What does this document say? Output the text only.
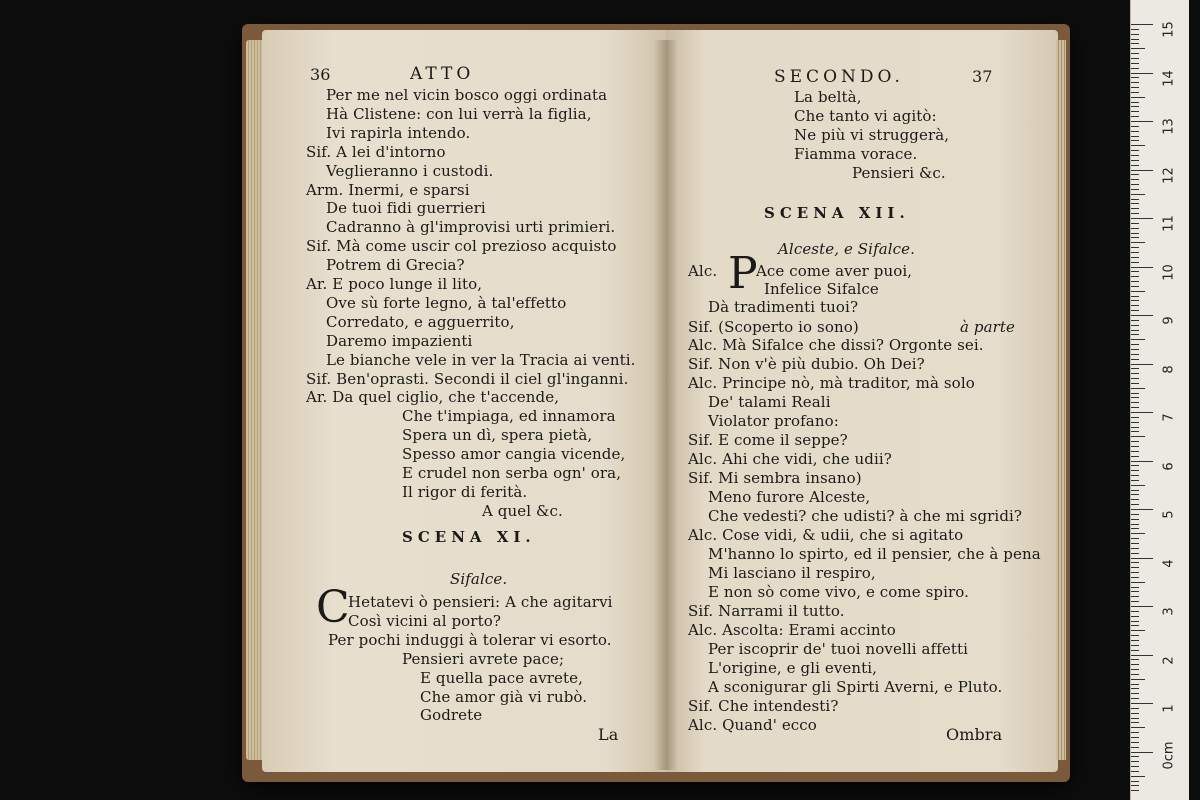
36	ATTO
Per me nel vicin bosco oggi ordinata
Hà Clistene: con lui verrà la figlia,
Ivi rapirla intendo.
Sif. A lei d'intorno
Veglieranno i custodi.
Arm. Inermi, e sparsi
De tuoi fidi guerrieri
Cadranno à gl'improvisi urti primieri.
Sif. Mà come uscir col prezioso acquisto
Potrem di Grecia?
Ar. E poco lunge il lito,
Ove sù forte legno, à tal'effetto
Corredato, e agguerrito,
Daremo impazienti
Le bianche vele in ver la Tracia ai venti.
Sif. Ben'oprasti. Secondi il ciel gl'inganni.
Ar. Da quel ciglio, che t'accende,
Che t'impiaga, ed innamora
Spera un dì, spera pietà,
Spesso amor cangia vicende,
E crudel non serba ogn' ora,
Il rigor di ferità.
A quel &c.
SCENA XI.
Sifalce.
C
Hetatevi ò pensieri: A che agitarvi
Così vicini al porto?
Per pochi induggi à tolerar vi esorto.
Pensieri avrete pace;
E quella pace avrete,
Che amor già vi rubò.
Godrete
La
SECONDO.	37
La beltà,
Che tanto vi agitò:
Ne più vi struggerà,
Fiamma vorace.
Pensieri &c.
SCENA XII.
Alceste, e Sifalce.
Alc. P
Ace come aver puoi,
Infelice Sifalce
Dà tradimenti tuoi?
Sif. (Scoperto io sono)	à parte
Alc. Mà Sifalce che dissi? Orgonte sei.
Sif. Non v'è più dubio. Oh Dei?
Alc. Principe nò, mà traditor, mà solo
De' talami Reali
Violator profano:
Sif. E come il seppe?
Alc. Ahi che vidi, che udii?
Sif. Mi sembra insano)
Meno furore Alceste,
Che vedesti? che udisti? à che mi sgridi?
Alc. Cose vidi, & udii, che si agitato
M'hanno lo spirto, ed il pensier, che à pena
Mi lasciano il respiro,
E non sò come vivo, e come spiro.
Sif. Narrami il tutto.
Alc. Ascolta: Erami accinto
Per iscoprir de' tuoi novelli affetti
L'origine, e gli eventi,
A sconigurar gli Spirti Averni, e Pluto.
Sif. Che intendesti?
Alc. Quand' ecco	Ombra
15
14
13
12
11
10
9
8
7
6
5
4
3
2
1
0cm
